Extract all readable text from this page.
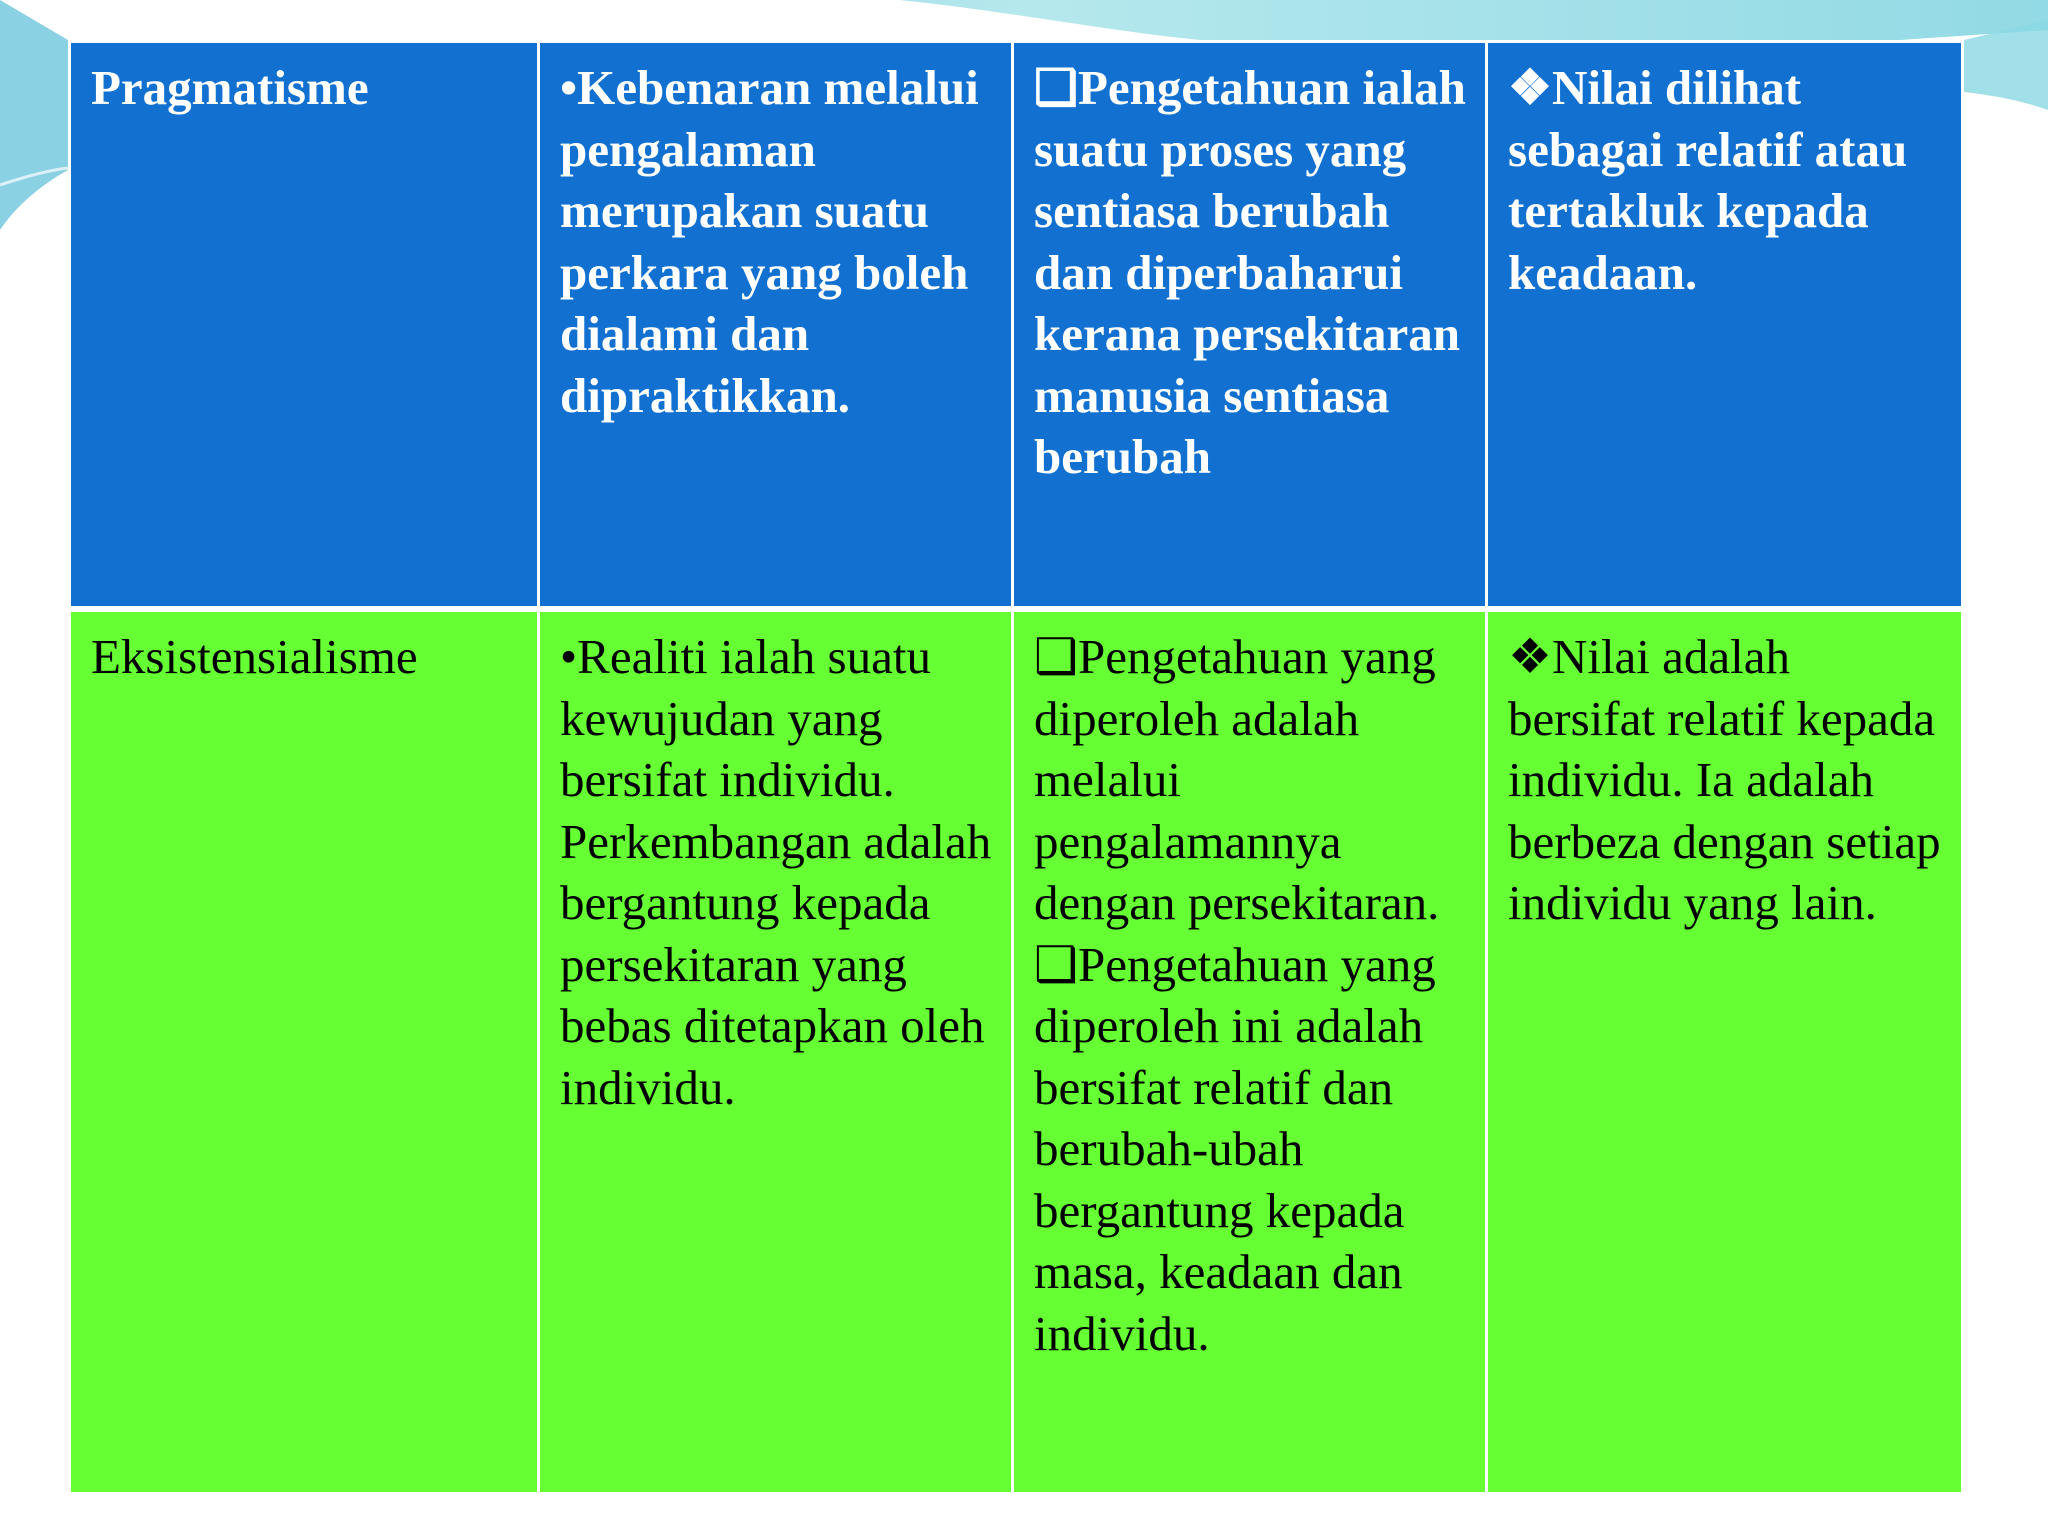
Pragmatisme	•Kebenaran melalui pengalaman merupakan suatu perkara yang boleh dialami dan dipraktikkan.

❑Pengetahuan ialah suatu proses yang sentiasa berubah dan diperbaharui kerana persekitaran manusia sentiasa berubah

❖Nilai dilihat sebagai relatif atau tertakluk kepada keadaan.

Eksistensialisme	•Realiti ialah suatu kewujudan yang bersifat individu. Perkembangan adalah bergantung kepada persekitaran yang bebas ditetapkan oleh individu.

❑Pengetahuan yang diperoleh adalah melalui pengalamannya dengan persekitaran.

❑Pengetahuan yang diperoleh ini adalah bersifat relatif dan berubah-ubah bergantung kepada masa, keadaan dan individu.

❖Nilai adalah bersifat relatif kepada individu. Ia adalah berbeza dengan setiap individu yang lain.
